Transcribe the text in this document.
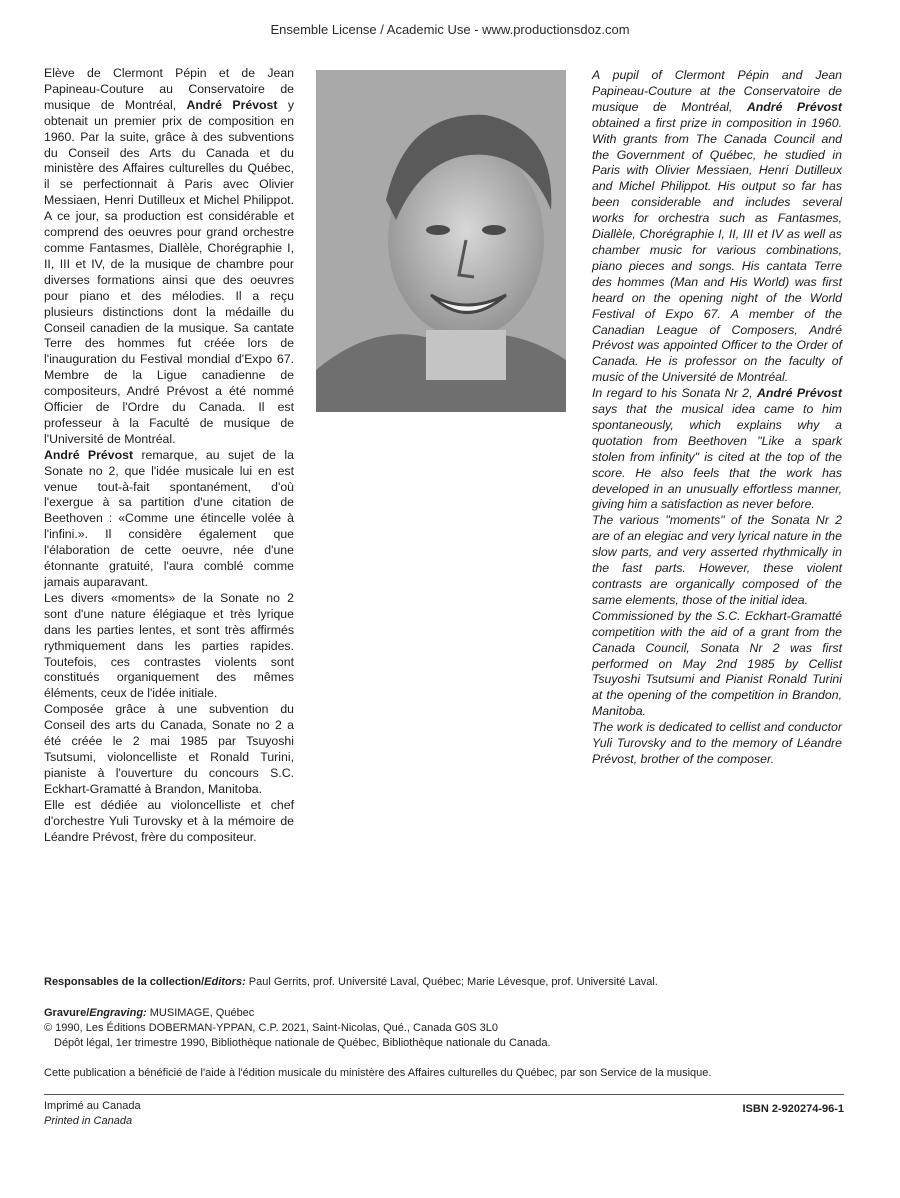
Ensemble License / Academic Use - www.productionsdoz.com

Elève de Clermont Pépin et de Jean Papineau-Couture au Conservatoire de musique de Montréal, André Prévost y obtenait un premier prix de composition en 1960. Par la suite, grâce à des subventions du Conseil des Arts du Canada et du ministère des Affaires culturelles du Québec, il se perfectionnait à Paris avec Olivier Messiaen, Henri Dutilleux et Michel Philippot. A ce jour, sa production est considérable et comprend des oeuvres pour grand orchestre comme Fantasmes, Diallèle, Chorégraphie I, II, III et IV, de la musique de chambre pour diverses formations ainsi que des oeuvres pour piano et des mélodies. Il a reçu plusieurs distinctions dont la médaille du Conseil canadien de la musique. Sa cantate Terre des hommes fut créée lors de l'inauguration du Festival mondial d'Expo 67. Membre de la Ligue canadienne de compositeurs, André Prévost a été nommé Officier de l'Ordre du Canada. Il est professeur à la Faculté de musique de l'Université de Montréal.

André Prévost remarque, au sujet de la Sonate no 2, que l'idée musicale lui en est venue tout-à-fait spontanément, d'où l'exergue à sa partition d'une citation de Beethoven : «Comme une étincelle volée à l'infini.». Il considère également que l'élaboration de cette oeuvre, née d'une étonnante gratuité, l'aura comblé comme jamais auparavant.

Les divers «moments» de la Sonate no 2 sont d'une nature élégiaque et très lyrique dans les parties lentes, et sont très affirmés rythmiquement dans les parties rapides. Toutefois, ces contrastes violents sont constitués organiquement des mêmes éléments, ceux de l'idée initiale.

Composée grâce à une subvention du Conseil des arts du Canada, Sonate no 2 a été créée le 2 mai 1985 par Tsuyoshi Tsutsumi, violoncelliste et Ronald Turini, pianiste à l'ouverture du concours S.C. Eckhart-Gramatté à Brandon, Manitoba.

Elle est dédiée au violoncelliste et chef d'orchestre Yuli Turovsky et à la mémoire de Léandre Prévost, frère du compositeur.

A pupil of Clermont Pépin and Jean Papineau-Couture at the Conservatoire de musique de Montréal, André Prévost obtained a first prize in composition in 1960. With grants from The Canada Council and the Government of Québec, he studied in Paris with Olivier Messiaen, Henri Dutilleux and Michel Philippot. His output so far has been considerable and includes several works for orchestra such as Fantasmes, Diallèle, Chorégraphie I, II, III et IV as well as chamber music for various combinations, piano pieces and songs. His cantata Terre des hommes (Man and His World) was first heard on the opening night of the World Festival of Expo 67. A member of the Canadian League of Composers, André Prévost was appointed Officer to the Order of Canada. He is professor on the faculty of music of the Université de Montréal.

In regard to his Sonata Nr 2, André Prévost says that the musical idea came to him spontaneously, which explains why a quotation from Beethoven "Like a spark stolen from infinity" is cited at the top of the score. He also feels that the work has developed in an unusually effortless manner, giving him a satisfaction as never before.

The various "moments" of the Sonata Nr 2 are of an elegiac and very lyrical nature in the slow parts, and very asserted rhythmically in the fast parts. However, these violent contrasts are organically composed of the same elements, those of the initial idea.

Commissioned by the S.C. Eckhart-Gramatté competition with the aid of a grant from the Canada Council, Sonata Nr 2 was first performed on May 2nd 1985 by Cellist Tsuyoshi Tsutsumi and Pianist Ronald Turini at the opening of the competition in Brandon, Manitoba.

The work is dedicated to cellist and conductor Yuli Turovsky and to the memory of Léandre Prévost, brother of the composer.

Responsables de la collection/Editors: Paul Gerrits, prof. Université Laval, Québec; Marie Lévesque, prof. Université Laval.
Gravure/Engraving: MUSIMAGE, Québec
© 1990, Les Éditions DOBERMAN-YPPAN, C.P. 2021, Saint-Nicolas, Qué., Canada G0S 3L0
Dépôt légal, 1er trimestre 1990, Bibliothèque nationale de Québec, Bibliothèque nationale du Canada.
Cette publication a bénéficié de l'aide à l'édition musicale du ministère des Affaires culturelles du Québec, par son Service de la musique.
Imprimé au Canada
Printed in Canada
ISBN 2-920274-96-1
